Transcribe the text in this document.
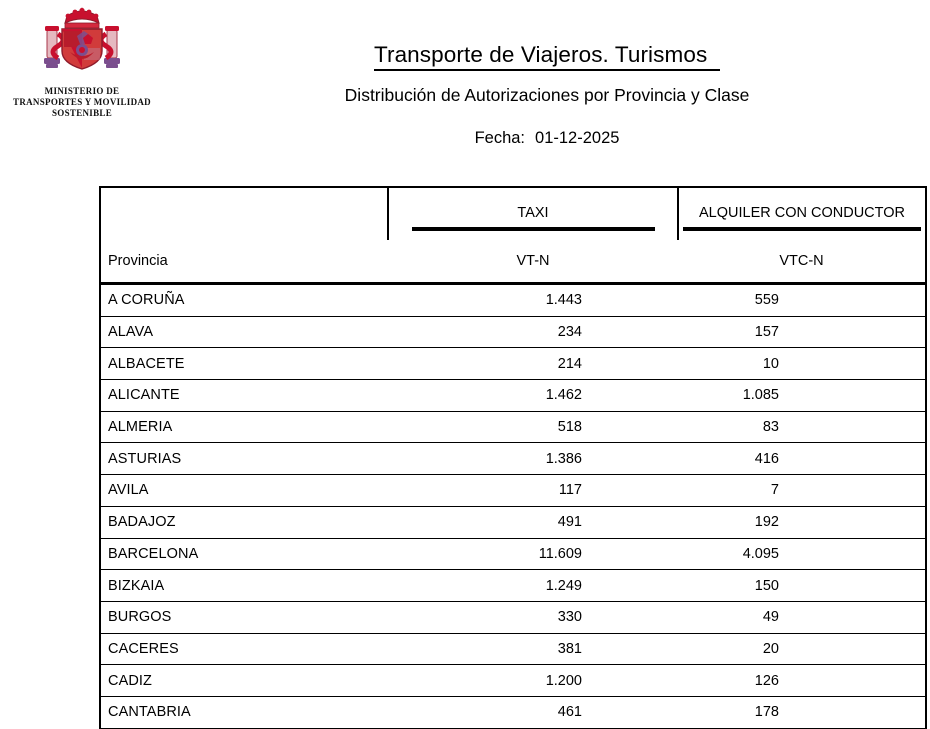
MINISTERIO DE
TRANSPORTES Y MOVILIDAD
SOSTENIBLE
Transporte de Viajeros. Turismos
Distribución de Autorizaciones por Provincia y Clase
Fecha: 01-12-2025

	TAXI	ALQUILER CON CONDUCTOR

Provincia	VT-N	VTC-N
A CORUÑA	1.443	559
ALAVA	234	157
ALBACETE	214	10
ALICANTE	1.462	1.085
ALMERIA	518	83
ASTURIAS	1.386	416
AVILA	117	7
BADAJOZ	491	192
BARCELONA	11.609	4.095
BIZKAIA	1.249	150
BURGOS	330	49
CACERES	381	20
CADIZ	1.200	126
CANTABRIA	461	178
